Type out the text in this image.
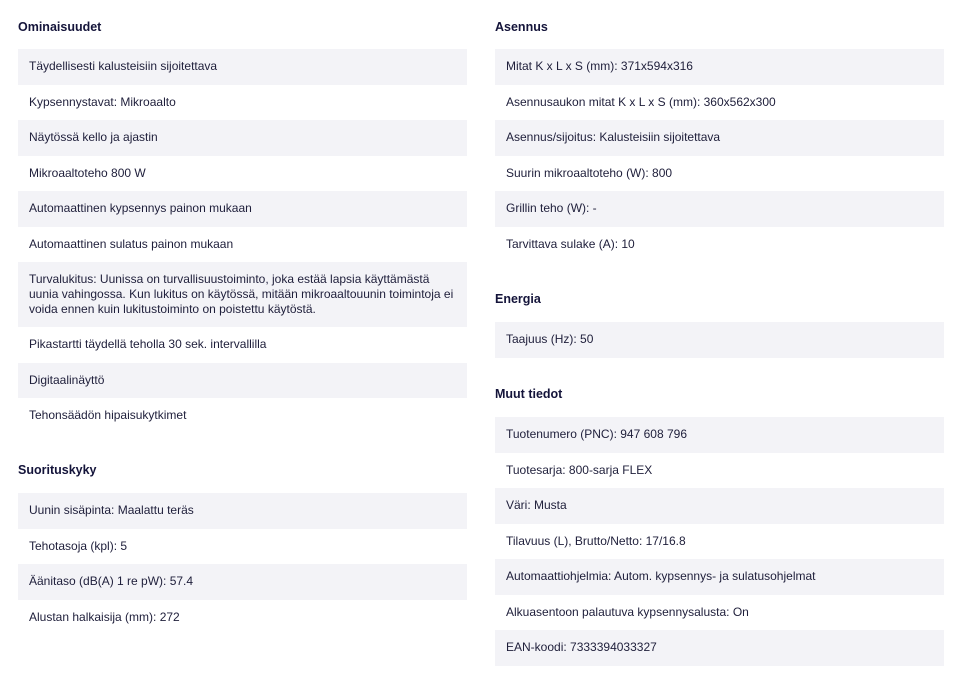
Ominaisuudet
Täydellisesti kalusteisiin sijoitettava
Kypsennystavat: Mikroaalto
Näytössä kello ja ajastin
Mikroaaltoteho 800 W
Automaattinen kypsennys painon mukaan
Automaattinen sulatus painon mukaan
Turvalukitus: Uunissa on turvallisuustoiminto, joka estää lapsia käyttämästä uunia vahingossa. Kun lukitus on käytössä, mitään mikroaaltouunin toimintoja ei voida ennen kuin lukitustoiminto on poistettu käytöstä.
Pikastartti täydellä teholla 30 sek. intervallilla
Digitaalinäyttö
Tehonsäädön hipaisukytkimet
Suorituskyky
Uunin sisäpinta: Maalattu teräs
Tehotasoja (kpl): 5
Äänitaso (dB(A) 1 re pW): 57.4
Alustan halkaisija (mm): 272
Asennus
Mitat K x L x S (mm): 371x594x316
Asennusaukon mitat K x L x S (mm): 360x562x300
Asennus/sijoitus: Kalusteisiin sijoitettava
Suurin mikroaaltoteho (W): 800
Grillin teho (W): -
Tarvittava sulake (A): 10
Energia
Taajuus (Hz): 50
Muut tiedot
Tuotenumero (PNC): 947 608 796
Tuotesarja: 800-sarja FLEX
Väri: Musta
Tilavuus (L), Brutto/Netto: 17/16.8
Automaattiohjelmia: Autom. kypsennys- ja sulatusohjelmat
Alkuasentoon palautuva kypsennysalusta: On
EAN-koodi: 7333394033327
